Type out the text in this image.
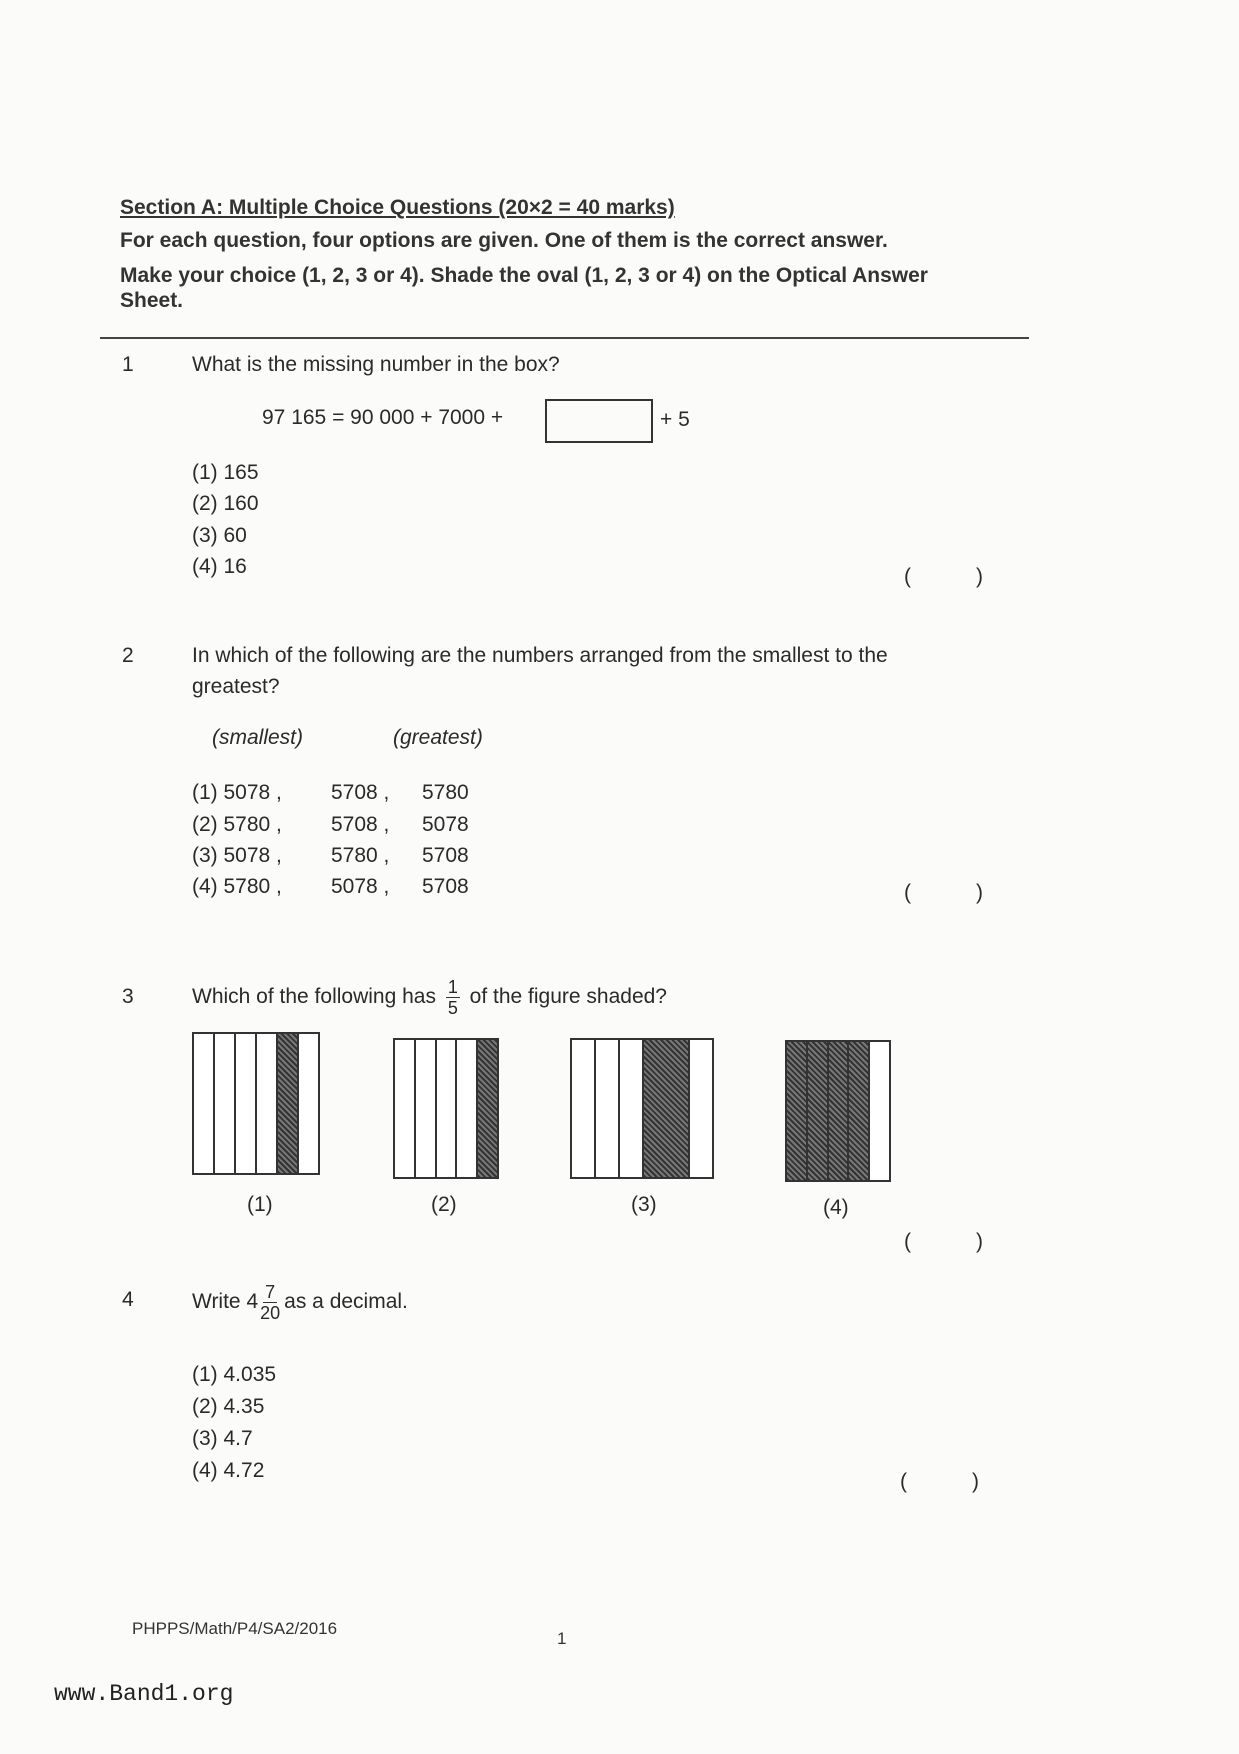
Section A: Multiple Choice Questions (20×2 = 40 marks)
For each question, four options are given. One of them is the correct answer.
Make your choice (1, 2, 3 or 4). Shade the oval (1, 2, 3 or 4) on the Optical Answer
Sheet.
1	What is the missing number in the box?
97 165 = 90 000 + 7000 +	+ 5
(1) 165
(2) 160
(3) 60
(4) 16	(	)
2	In which of the following are the numbers arranged from the smallest to the
greatest?
(smallest)	(greatest)
(1) 5078 , 5708 , 5780
(2) 5780 , 5708 , 5078
(3) 5078 , 5780 , 5708
(4) 5780 , 5078 , 5708	(	)
3	Which of the following has $\frac{1}{5}$ of the figure shaded?
(1)	(2)	(3)	(4)
(	)
4	Write $4 \frac{7}{20}$ as a decimal.
(1) 4.035
(2) 4.35
(3) 4.7
(4) 4.72	(	)
PHPPS/Math/P4/SA2/2016
1
www.Band1.org
